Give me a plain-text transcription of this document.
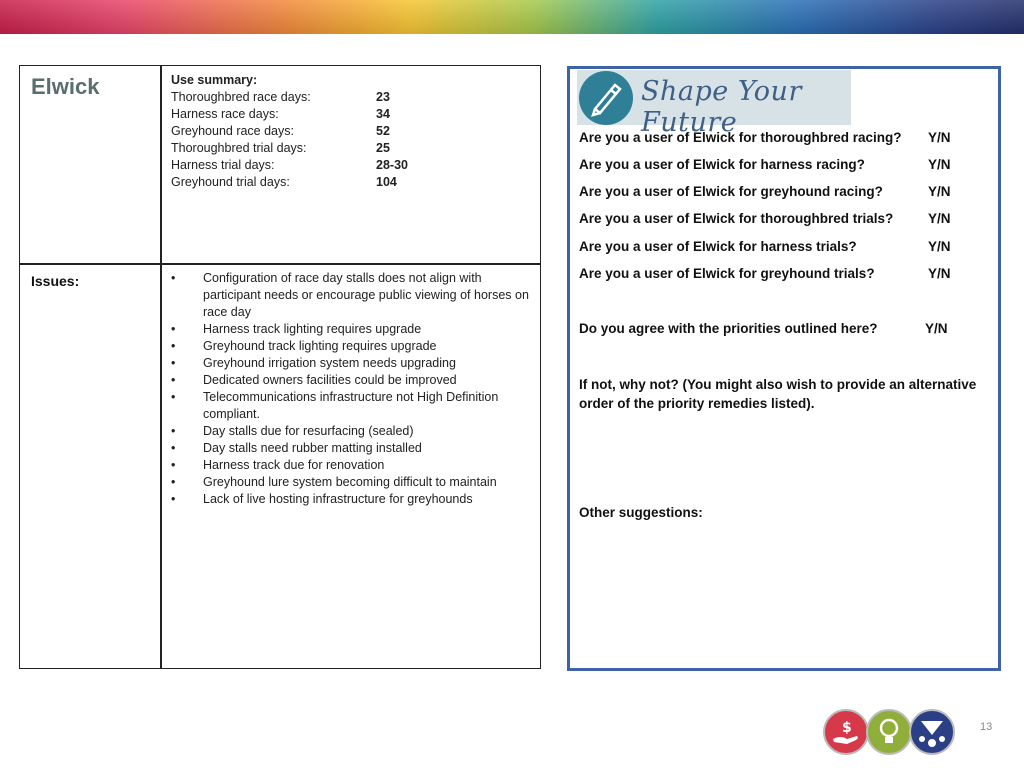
Elwick	Use summary:
Thoroughbred race days:	23
Harness race days:	34
Greyhound race days:	52
Thoroughbred trial days:	25
Harness trial days:	28-30
Greyhound trial days:	104
Issues:	• Configuration of race day stalls does not align with participant needs or encourage public viewing of horses on race day
• Harness track lighting requires upgrade
• Greyhound track lighting requires upgrade
• Greyhound irrigation system needs upgrading
• Dedicated owners facilities could be improved
• Telecommunications infrastructure not High Definition compliant.
• Day stalls due for resurfacing (sealed)
• Day stalls need rubber matting installed
• Harness track due for renovation
• Greyhound lure system becoming difficult to maintain
• Lack of live hosting infrastructure for greyhounds
Shape Your Future
Are you a user of Elwick for thoroughbred racing? Y/N
Are you a user of Elwick for harness racing?	Y/N
Are you a user of Elwick for greyhound racing?	Y/N
Are you a user of Elwick for thoroughbred trials?	Y/N
Are you a user of Elwick for harness trials?	Y/N
Are you a user of Elwick for greyhound trials?	Y/N
Do you agree with the priorities outlined here?	Y/N
If not, why not? (You might also wish to provide an alternative order of the priority remedies listed).
Other suggestions:
$	13
